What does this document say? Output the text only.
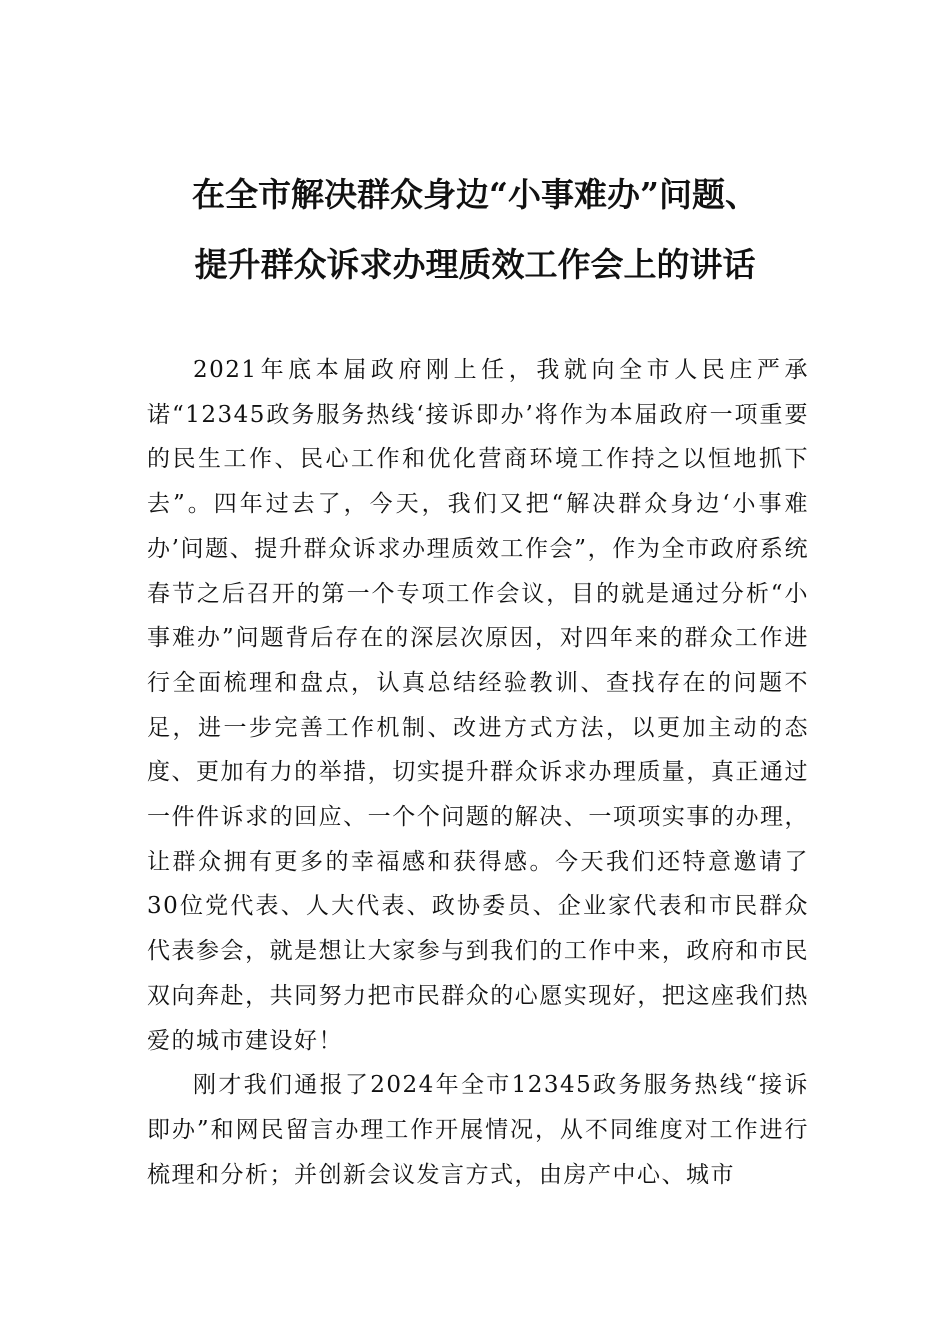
在全市解决群众身边“小事难办”问题、
提升群众诉求办理质效工作会上的讲话

2021年底本届政府刚上任，我就向全市人民庄严承诺“12345政务服务热线‘接诉即办’将作为本届政府一项重要的民生工作、民心工作和优化营商环境工作持之以恒地抓下去”。四年过去了，今天，我们又把“解决群众身边‘小事难办’问题、提升群众诉求办理质效工作会”，作为全市政府系统春节之后召开的第一个专项工作会议，目的就是通过分析“小事难办”问题背后存在的深层次原因，对四年来的群众工作进行全面梳理和盘点，认真总结经验教训、查找存在的问题不足，进一步完善工作机制、改进方式方法，以更加主动的态度、更加有力的举措，切实提升群众诉求办理质量，真正通过一件件诉求的回应、一个个问题的解决、一项项实事的办理，让群众拥有更多的幸福感和获得感。今天我们还特意邀请了30位党代表、人大代表、政协委员、企业家代表和市民群众代表参会，就是想让大家参与到我们的工作中来，政府和市民双向奔赴，共同努力把市民群众的心愿实现好，把这座我们热爱的城市建设好！

刚才我们通报了2024年全市12345政务服务热线“接诉即办”和网民留言办理工作开展情况，从不同维度对工作进行梳理和分析；并创新会议发言方式，由房产中心、城市
